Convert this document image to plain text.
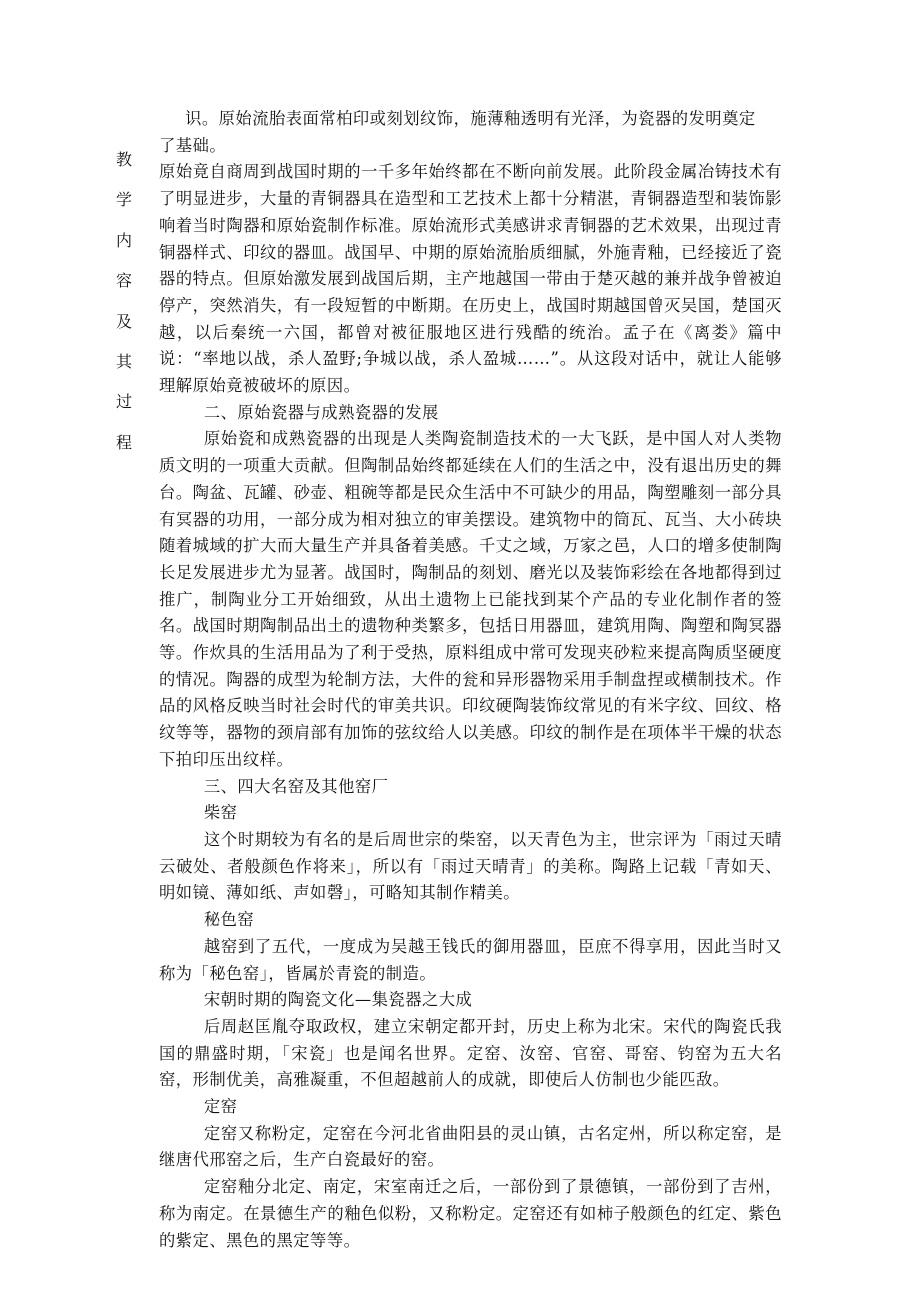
教
学
内
容
及
其
过
程

识。原始流胎表面常柏印或刻划纹饰，施薄釉透明有光泽，为瓷器的发明奠定

了基础。

原始竟自商周到战国时期的一千多年始终都在不断向前发展。此阶段金属冶铸技术有了明显进步，大量的青铜器具在造型和工艺技术上都十分精湛，青铜器造型和装饰影响着当时陶器和原始瓷制作标准。原始流形式美感讲求青铜器的艺术效果，出现过青铜器样式、印纹的器皿。战国早、中期的原始流胎质细腻，外施青釉，已经接近了瓷器的特点。但原始激发展到战国后期，主产地越国一带由于楚灭越的兼并战争曾被迫停产，突然消失，有一段短暂的中断期。在历史上，战国时期越国曾灭吴国，楚国灭越，以后秦统一六国，都曾对被征服地区进行残酷的统治。孟子在《离娄》篇中说：“率地以战，杀人盈野;争城以战，杀人盈城……”。从这段对话中，就让人能够理解原始竟被破坏的原因。

二、原始瓷器与成熟瓷器的发展

原始瓷和成熟瓷器的出现是人类陶瓷制造技术的一大飞跃，是中国人对人类物质文明的一项重大贡献。但陶制品始终都延续在人们的生活之中，没有退出历史的舞台。陶盆、瓦罐、砂壶、粗碗等都是民众生活中不可缺少的用品，陶塑雕刻一部分具有冥器的功用，一部分成为相对独立的审美摆设。建筑物中的筒瓦、瓦当、大小砖块随着城域的扩大而大量生产并具备着美感。千丈之域，万家之邑，人口的增多使制陶长足发展进步尤为显著。战国时，陶制品的刻划、磨光以及装饰彩绘在各地都得到过推广，制陶业分工开始细致，从出土遗物上已能找到某个产品的专业化制作者的签名。战国时期陶制品出土的遗物种类繁多，包括日用器皿，建筑用陶、陶塑和陶冥器等。作炊具的生活用品为了利于受热，原料组成中常可发现夹砂粒来提高陶质坚硬度的情况。陶器的成型为轮制方法，大件的瓮和异形器物采用手制盘捏或横制技术。作品的风格反映当时社会时代的审美共识。印纹硬陶装饰纹常见的有米字纹、回纹、格纹等等，器物的颈肩部有加饰的弦纹给人以美感。印纹的制作是在项体半干燥的状态下拍印压出纹样。

三、四大名窑及其他窑厂

柴窑

这个时期较为有名的是后周世宗的柴窑，以天青色为主，世宗评为「雨过天晴云破处、者般颜色作将来」，所以有「雨过天晴青」的美称。陶路上记载「青如天、明如镜、薄如纸、声如磬」，可略知其制作精美。

秘色窑

越窑到了五代，一度成为吴越王钱氏的御用器皿，臣庶不得享用，因此当时又称为「秘色窑」，皆属於青瓷的制造。

宋朝时期的陶瓷文化—集瓷器之大成

后周赵匡胤夺取政权，建立宋朝定都开封，历史上称为北宋。宋代的陶瓷氏我国的鼎盛时期，「宋瓷」也是闻名世界。定窑、汝窑、官窑、哥窑、钧窑为五大名窑，形制优美，高雅凝重，不但超越前人的成就，即使后人仿制也少能匹敌。

定窑

定窑又称粉定，定窑在今河北省曲阳县的灵山镇，古名定州，所以称定窑，是继唐代邢窑之后，生产白瓷最好的窑。

定窑釉分北定、南定，宋室南迁之后，一部份到了景德镇，一部份到了吉州，称为南定。在景德生产的釉色似粉，又称粉定。定窑还有如柿子般颜色的红定、紫色的紫定、黑色的黑定等等。
